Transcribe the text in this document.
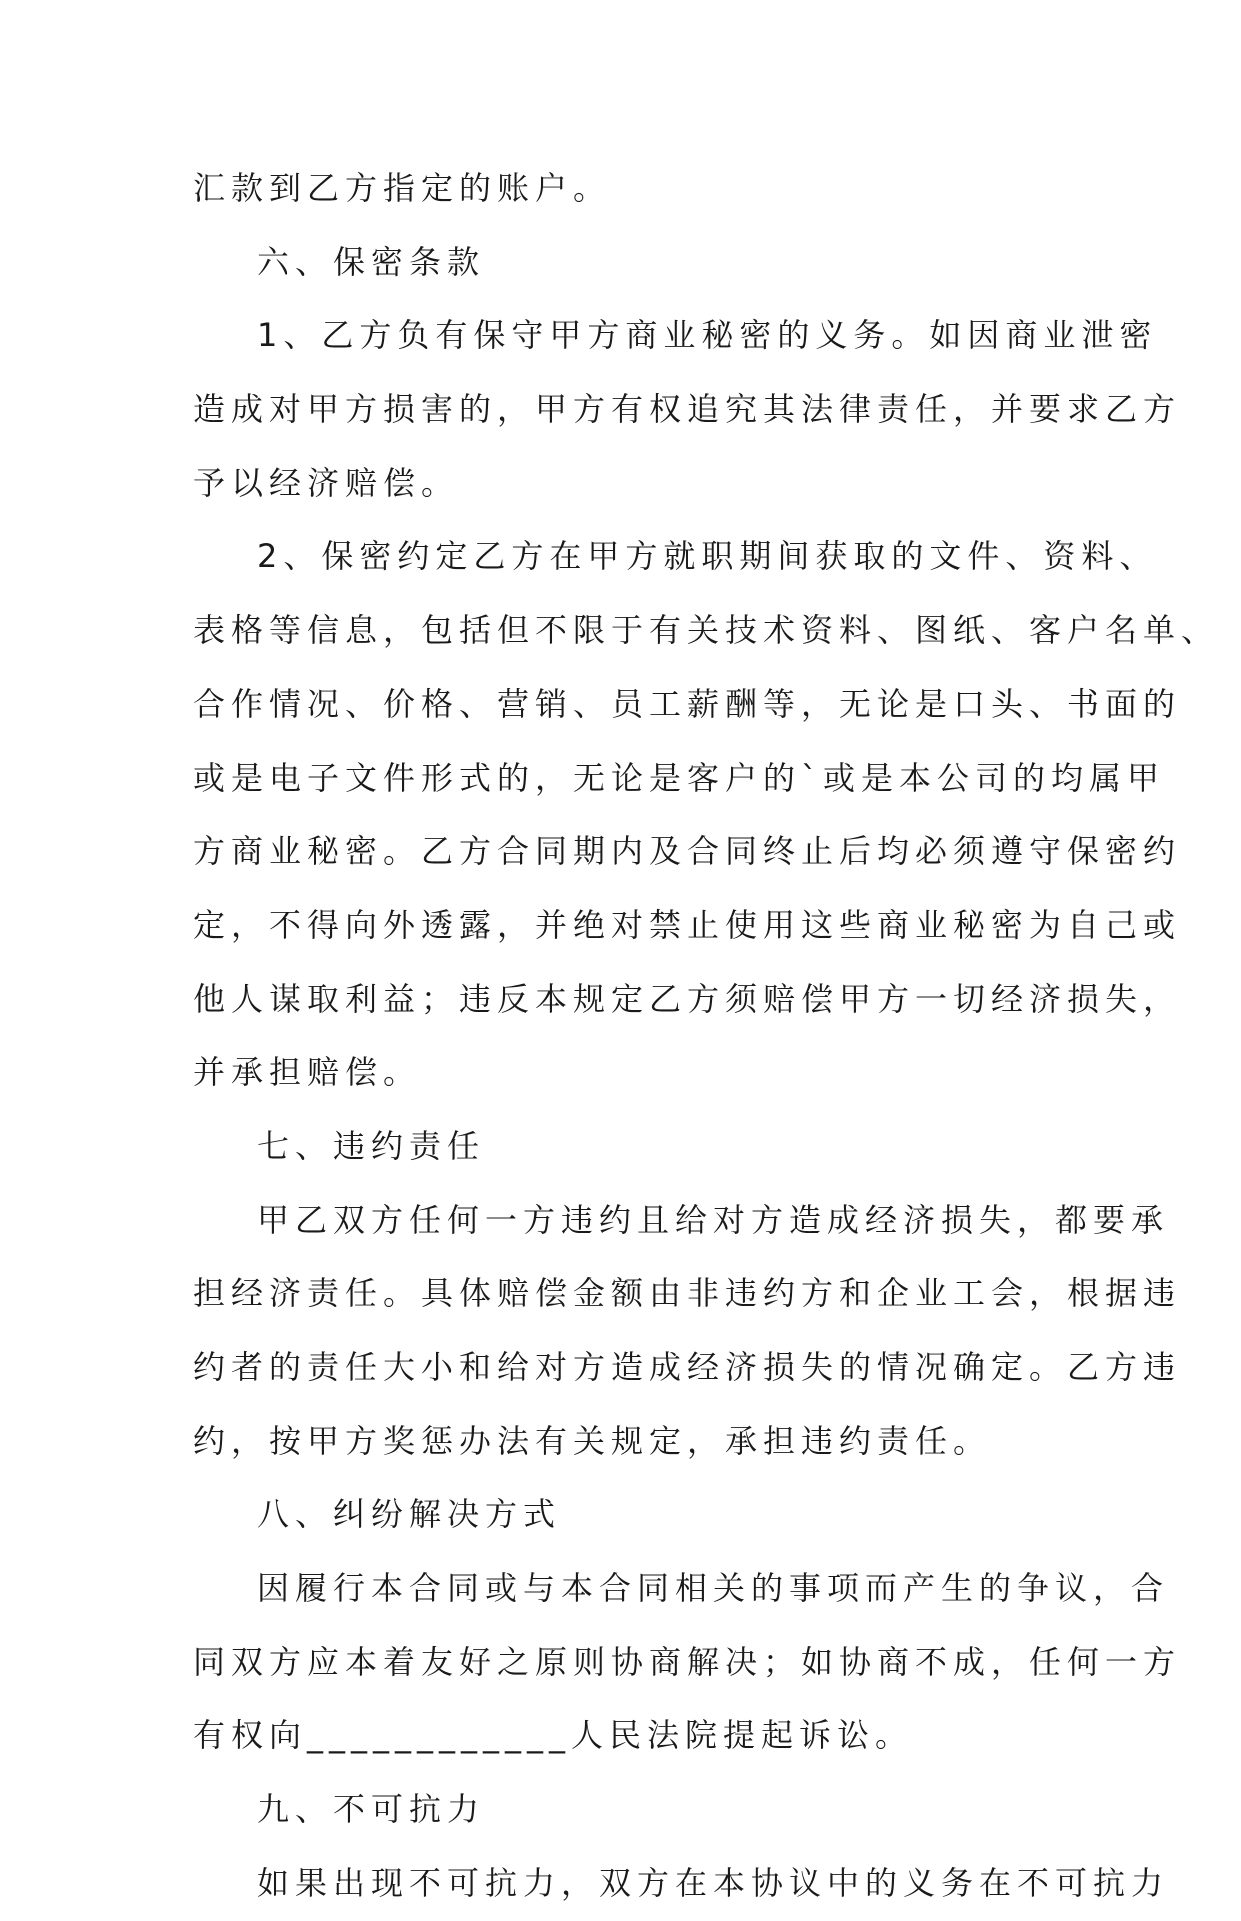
汇款到乙方指定的账户。
六、保密条款
1、乙方负有保守甲方商业秘密的义务。如因商业泄密
造成对甲方损害的，甲方有权追究其法律责任，并要求乙方
予以经济赔偿。
2、保密约定乙方在甲方就职期间获取的文件、资料、
表格等信息，包括但不限于有关技术资料、图纸、客户名单、
合作情况、价格、营销、员工薪酬等，无论是口头、书面的
或是电子文件形式的，无论是客户的`或是本公司的均属甲
方商业秘密。乙方合同期内及合同终止后均必须遵守保密约
定，不得向外透露，并绝对禁止使用这些商业秘密为自己或
他人谋取利益；违反本规定乙方须赔偿甲方一切经济损失，
并承担赔偿。
七、违约责任
甲乙双方任何一方违约且给对方造成经济损失，都要承
担经济责任。具体赔偿金额由非违约方和企业工会，根据违
约者的责任大小和给对方造成经济损失的情况确定。乙方违
约，按甲方奖惩办法有关规定，承担违约责任。
八、纠纷解决方式
因履行本合同或与本合同相关的事项而产生的争议，合
同双方应本着友好之原则协商解决；如协商不成，任何一方
有权向____________人民法院提起诉讼。
九、不可抗力
如果出现不可抗力，双方在本协议中的义务在不可抗力
